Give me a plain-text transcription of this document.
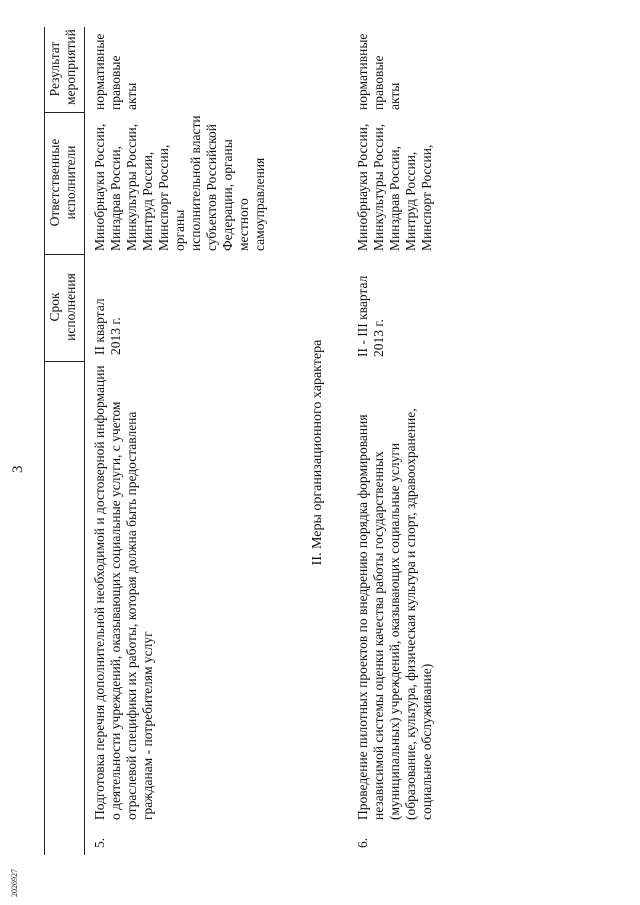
3
Срок исполнения
Ответственные исполнители
Результат мероприятий
5.
Подготовка перечня дополнительной необходимой и достоверной информации о деятельности учреждений, оказывающих социальные услуги, с учетом отраслевой специфики их работы, которая должна быть предоставлена гражданам - потребителям услуг
II квартал 2013 г.
Минобрнауки России, Минздрав России, Минкультуры России, Минтруд России, Минспорт России, органы исполнительной власти субъектов Российской Федерации, органы местного самоуправления
нормативные правовые акты
II. Меры организационного характера
6.
Проведение пилотных проектов по внедрению порядка формирования независимой системы оценки качества работы государственных (муниципальных) учреждений, оказывающих социальные услуги (образование, культура, физическая культура и спорт, здравоохранение, социальное обслуживание)
II - III квартал 2013 г.
Минобрнауки России, Минкультуры России, Минздрав России, Минтруд России, Минспорт России,
нормативные правовые акты
2026927
